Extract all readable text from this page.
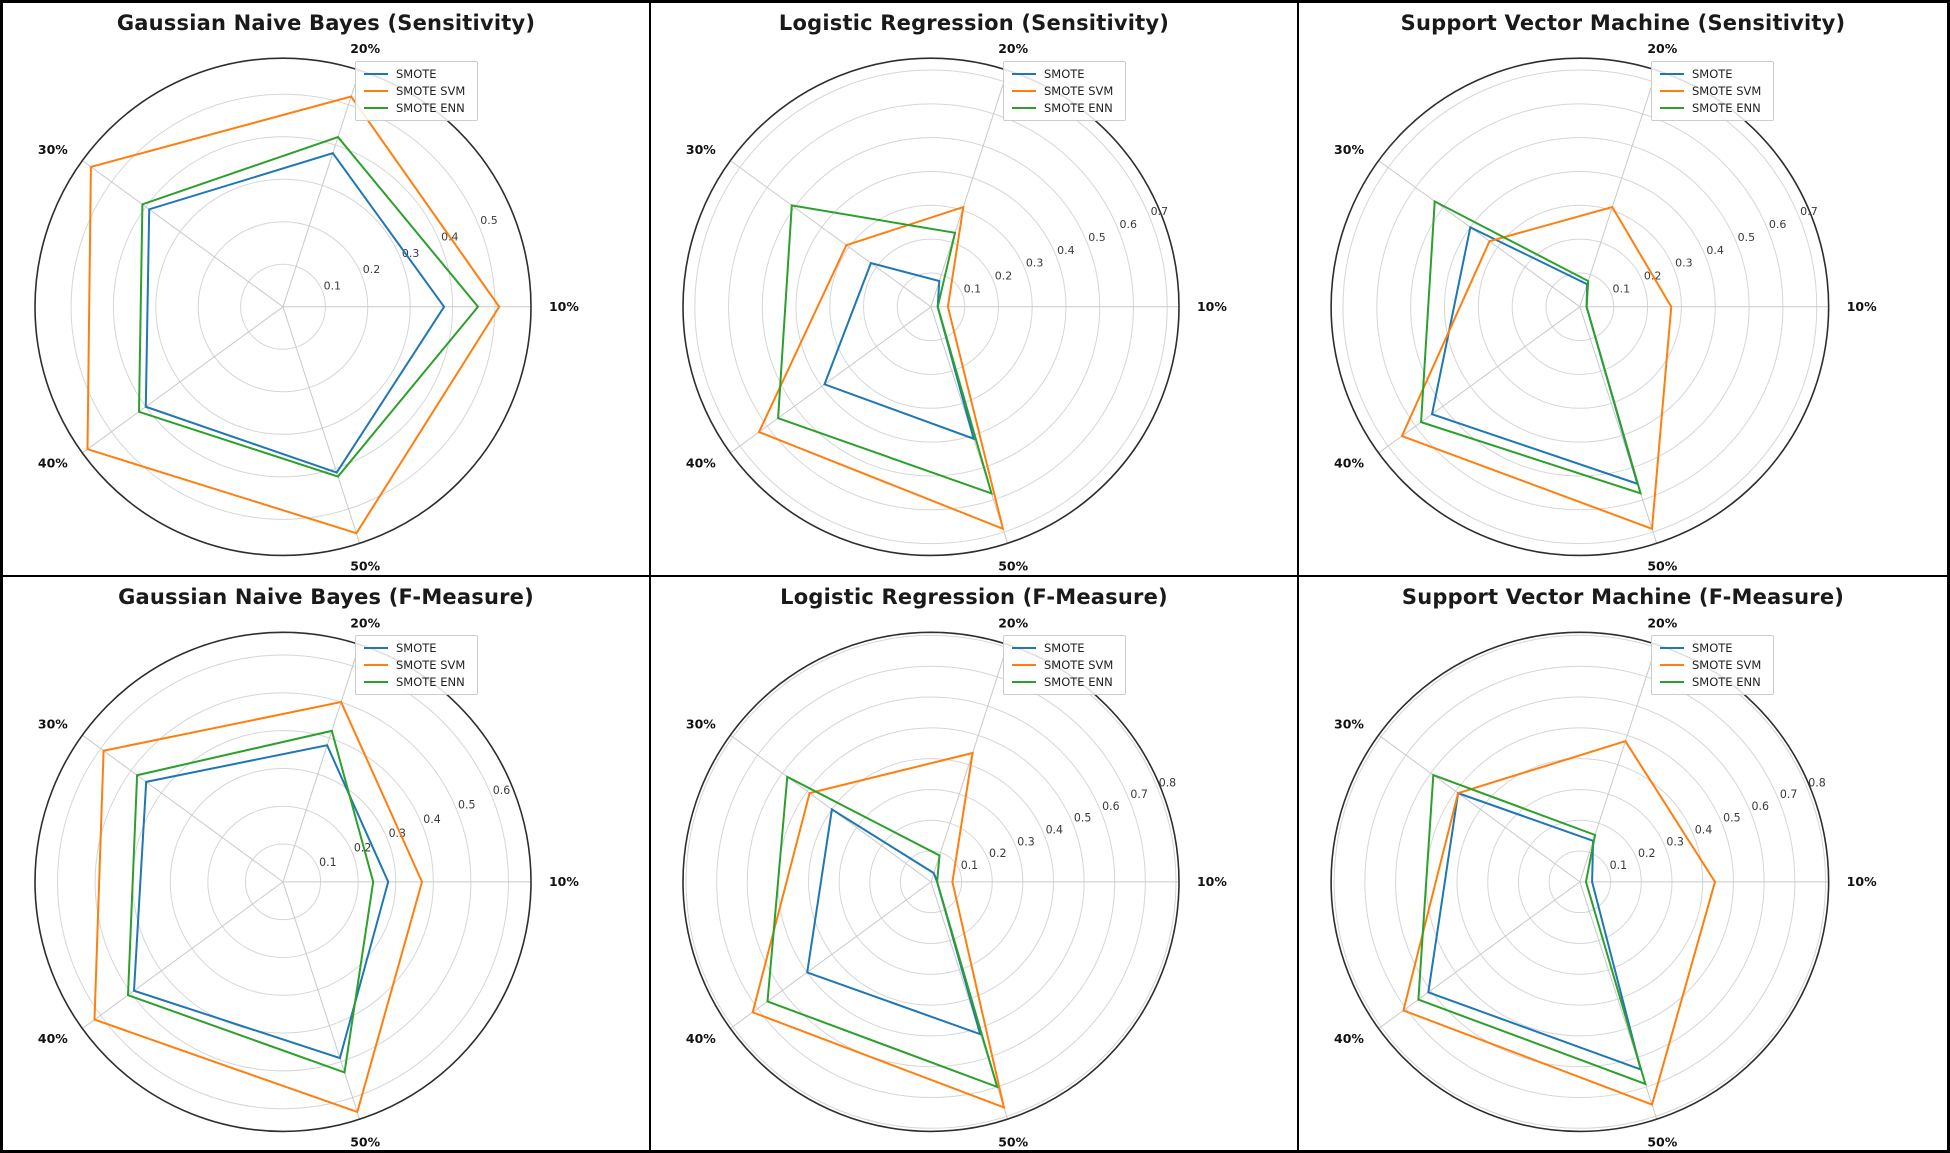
0.1
0.2
0.3
0.4
0.5
10%
20%
30%
40%
50%
Gaussian Naive Bayes (Sensitivity)
SMOTE
SMOTE SVM
SMOTE ENN
0.1
0.2
0.3
0.4
0.5
0.6
0.7
10%
20%
30%
40%
50%
Logistic Regression (Sensitivity)
SMOTE
SMOTE SVM
SMOTE ENN
0.1
0.2
0.3
0.4
0.5
0.6
0.7
10%
20%
30%
40%
50%
Support Vector Machine (Sensitivity)
SMOTE
SMOTE SVM
SMOTE ENN
0.1
0.2
0.3
0.4
0.5
0.6
10%
20%
30%
40%
50%
Gaussian Naive Bayes (F-Measure)
SMOTE
SMOTE SVM
SMOTE ENN
0.1
0.2
0.3
0.4
0.5
0.6
0.7
0.8
10%
20%
30%
40%
50%
Logistic Regression (F-Measure)
SMOTE
SMOTE SVM
SMOTE ENN
0.1
0.2
0.3
0.4
0.5
0.6
0.7
0.8
10%
20%
30%
40%
50%
Support Vector Machine (F-Measure)
SMOTE
SMOTE SVM
SMOTE ENN
